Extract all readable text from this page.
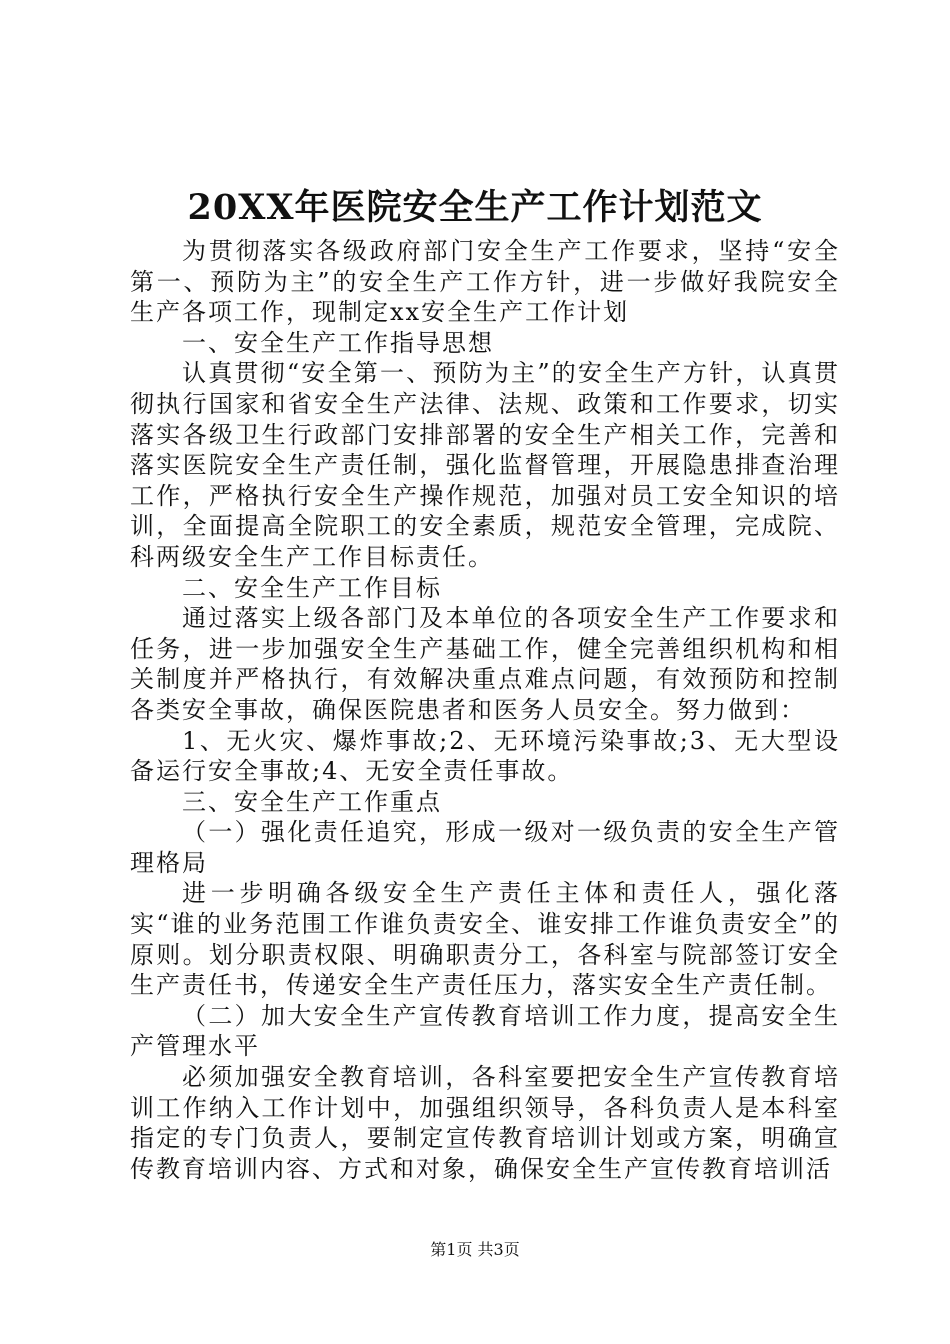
20XX年医院安全生产工作计划范文

为贯彻落实各级政府部门安全生产工作要求，坚持“安全第一、预防为主”的安全生产工作方针，进一步做好我院安全生产各项工作，现制定xx安全生产工作计划

一、安全生产工作指导思想

认真贯彻“安全第一、预防为主”的安全生产方针，认真贯彻执行国家和省安全生产法律、法规、政策和工作要求，切实落实各级卫生行政部门安排部署的安全生产相关工作，完善和落实医院安全生产责任制，强化监督管理，开展隐患排查治理工作，严格执行安全生产操作规范，加强对员工安全知识的培训，全面提高全院职工的安全素质，规范安全管理，完成院、科两级安全生产工作目标责任。

二、安全生产工作目标

通过落实上级各部门及本单位的各项安全生产工作要求和任务，进一步加强安全生产基础工作，健全完善组织机构和相关制度并严格执行，有效解决重点难点问题，有效预防和控制各类安全事故，确保医院患者和医务人员安全。努力做到：

1、无火灾、爆炸事故;2、无环境污染事故;3、无大型设备运行安全事故;4、无安全责任事故。

三、安全生产工作重点

（一）强化责任追究，形成一级对一级负责的安全生产管理格局

进一步明确各级安全生产责任主体和责任人，强化落实“谁的业务范围工作谁负责安全、谁安排工作谁负责安全”的原则。划分职责权限、明确职责分工，各科室与院部签订安全生产责任书，传递安全生产责任压力，落实安全生产责任制。

（二）加大安全生产宣传教育培训工作力度，提高安全生产管理水平

必须加强安全教育培训，各科室要把安全生产宣传教育培训工作纳入工作计划中，加强组织领导，各科负责人是本科室指定的专门负责人，要制定宣传教育培训计划或方案，明确宣传教育培训内容、方式和对象，确保安全生产宣传教育培训活

第1页 共3页
